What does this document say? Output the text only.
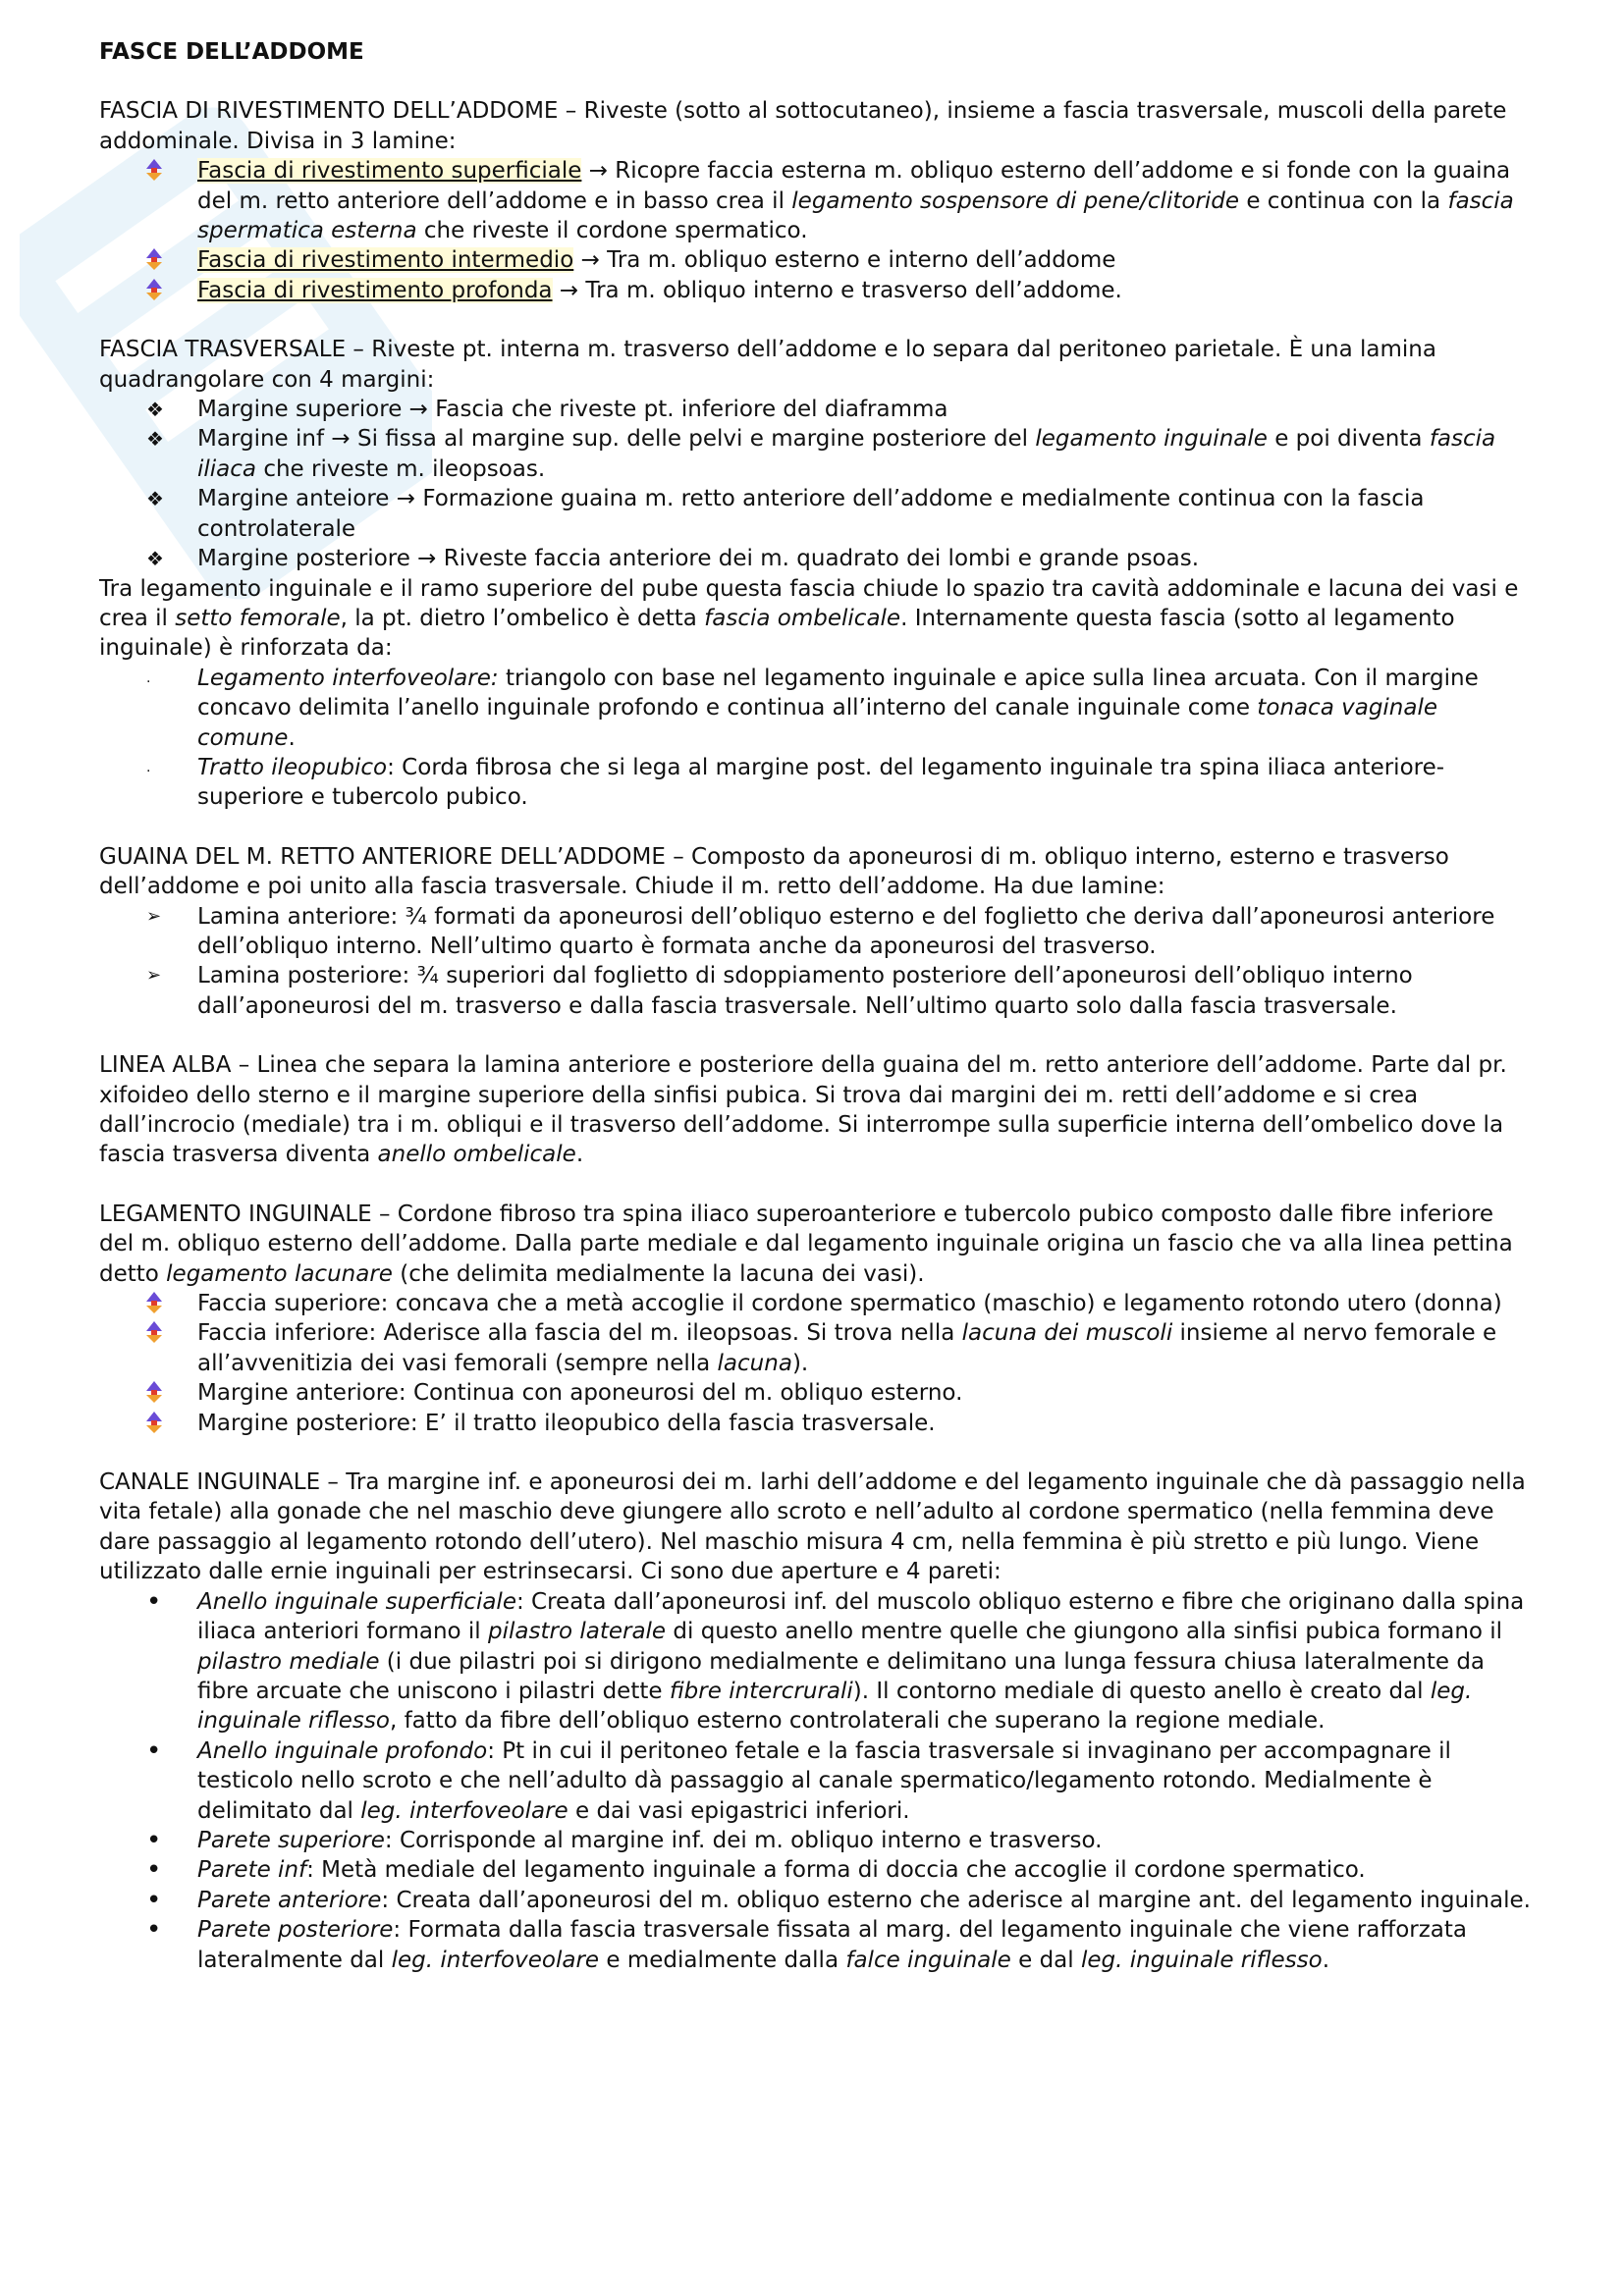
FASCE DELL’ADDOME
FASCIA DI RIVESTIMENTO DELL’ADDOME – Riveste (sotto al sottocutaneo), insieme a fascia trasversale, muscoli della parete addominale. Divisa in 3 lamine:
Fascia di rivestimento superficiale → Ricopre faccia esterna m. obliquo esterno dell’addome e si fonde con la guaina del m. retto anteriore dell’addome e in basso crea il legamento sospensore di pene/clitoride e continua con la fascia spermatica esterna che riveste il cordone spermatico.
Fascia di rivestimento intermedio → Tra m. obliquo esterno e interno dell’addome
Fascia di rivestimento profonda → Tra m. obliquo interno e trasverso dell’addome.
FASCIA TRASVERSALE – Riveste pt. interna m. trasverso dell’addome e lo separa dal peritoneo parietale. È una lamina quadrangolare con 4 margini:
❖ Margine superiore → Fascia che riveste pt. inferiore del diaframma
❖ Margine inf → Si fissa al margine sup. delle pelvi e margine posteriore del legamento inguinale e poi diventa fascia iliaca che riveste m. ileopsoas.
❖ Margine anteiore → Formazione guaina m. retto anteriore dell’addome e medialmente continua con la fascia controlaterale
❖ Margine posteriore → Riveste faccia anteriore dei m. quadrato dei lombi e grande psoas.
Tra legamento inguinale e il ramo superiore del pube questa fascia chiude lo spazio tra cavità addominale e lacuna dei vasi e crea il setto femorale, la pt. dietro l’ombelico è detta fascia ombelicale. Internamente questa fascia (sotto al legamento inguinale) è rinforzata da:
.	Legamento interfoveolare: triangolo con base nel legamento inguinale e apice sulla linea arcuata. Con il margine concavo delimita l’anello inguinale profondo e continua all’interno del canale inguinale come tonaca vaginale comune.
.	Tratto ileopubico: Corda fibrosa che si lega al margine post. del legamento inguinale tra spina iliaca anteriore-superiore e tubercolo pubico.
GUAINA DEL M. RETTO ANTERIORE DELL’ADDOME – Composto da aponeurosi di m. obliquo interno, esterno e trasverso dell’addome e poi unito alla fascia trasversale. Chiude il m. retto dell’addome. Ha due lamine:
➢	Lamina anteriore: ¾ formati da aponeurosi dell’obliquo esterno e del foglietto che deriva dall’aponeurosi anteriore dell’obliquo interno. Nell’ultimo quarto è formata anche da aponeurosi del trasverso.
➢	Lamina posteriore: ¾ superiori dal foglietto di sdoppiamento posteriore dell’aponeurosi dell’obliquo interno dall’aponeurosi del m. trasverso e dalla fascia trasversale. Nell’ultimo quarto solo dalla fascia trasversale.
LINEA ALBA – Linea che separa la lamina anteriore e posteriore della guaina del m. retto anteriore dell’addome. Parte dal pr. xifoideo dello sterno e il margine superiore della sinfisi pubica. Si trova dai margini dei m. retti dell’addome e si crea dall’incrocio (mediale) tra i m. obliqui e il trasverso dell’addome. Si interrompe sulla superficie interna dell’ombelico dove la fascia trasversa diventa anello ombelicale.
LEGAMENTO INGUINALE – Cordone fibroso tra spina iliaco superoanteriore e tubercolo pubico composto dalle fibre inferiore del m. obliquo esterno dell’addome. Dalla parte mediale e dal legamento inguinale origina un fascio che va alla linea pettina detto legamento lacunare (che delimita medialmente la lacuna dei vasi).
Faccia superiore: concava che a metà accoglie il cordone spermatico (maschio) e legamento rotondo utero (donna)
Faccia inferiore: Aderisce alla fascia del m. ileopsoas. Si trova nella lacuna dei muscoli insieme al nervo femorale e all’avvenitizia dei vasi femorali (sempre nella lacuna).
Margine anteriore: Continua con aponeurosi del m. obliquo esterno.
Margine posteriore: E’ il tratto ileopubico della fascia trasversale.
CANALE INGUINALE – Tra margine inf. e aponeurosi dei m. larhi dell’addome e del legamento inguinale che dà passaggio nella vita fetale) alla gonade che nel maschio deve giungere allo scroto e nell’adulto al cordone spermatico (nella femmina deve dare passaggio al legamento rotondo dell’utero). Nel maschio misura 4 cm, nella femmina è più stretto e più lungo. Viene utilizzato dalle ernie inguinali per estrinsecarsi. Ci sono due aperture e 4 pareti:
•	Anello inguinale superficiale: Creata dall’aponeurosi inf. del muscolo obliquo esterno e fibre che originano dalla spina iliaca anteriori formano il pilastro laterale di questo anello mentre quelle che giungono alla sinfisi pubica formano il pilastro mediale (i due pilastri poi si dirigono medialmente e delimitano una lunga fessura chiusa lateralmente da fibre arcuate che uniscono i pilastri dette fibre intercrurali). Il contorno mediale di questo anello è creato dal leg. inguinale riflesso, fatto da fibre dell’obliquo esterno controlaterali che superano la regione mediale.
•	Anello inguinale profondo: Pt in cui il peritoneo fetale e la fascia trasversale si invaginano per accompagnare il testicolo nello scroto e che nell’adulto dà passaggio al canale spermatico/legamento rotondo. Medialmente è delimitato dal leg. interfoveolare e dai vasi epigastrici inferiori.
•	Parete superiore: Corrisponde al margine inf. dei m. obliquo interno e trasverso.
•	Parete inf: Metà mediale del legamento inguinale a forma di doccia che accoglie il cordone spermatico.
•	Parete anteriore: Creata dall’aponeurosi del m. obliquo esterno che aderisce al margine ant. del legamento inguinale.
•	Parete posteriore: Formata dalla fascia trasversale fissata al marg. del legamento inguinale che viene rafforzata lateralmente dal leg. interfoveolare e medialmente dalla falce inguinale e dal leg. inguinale riflesso.
